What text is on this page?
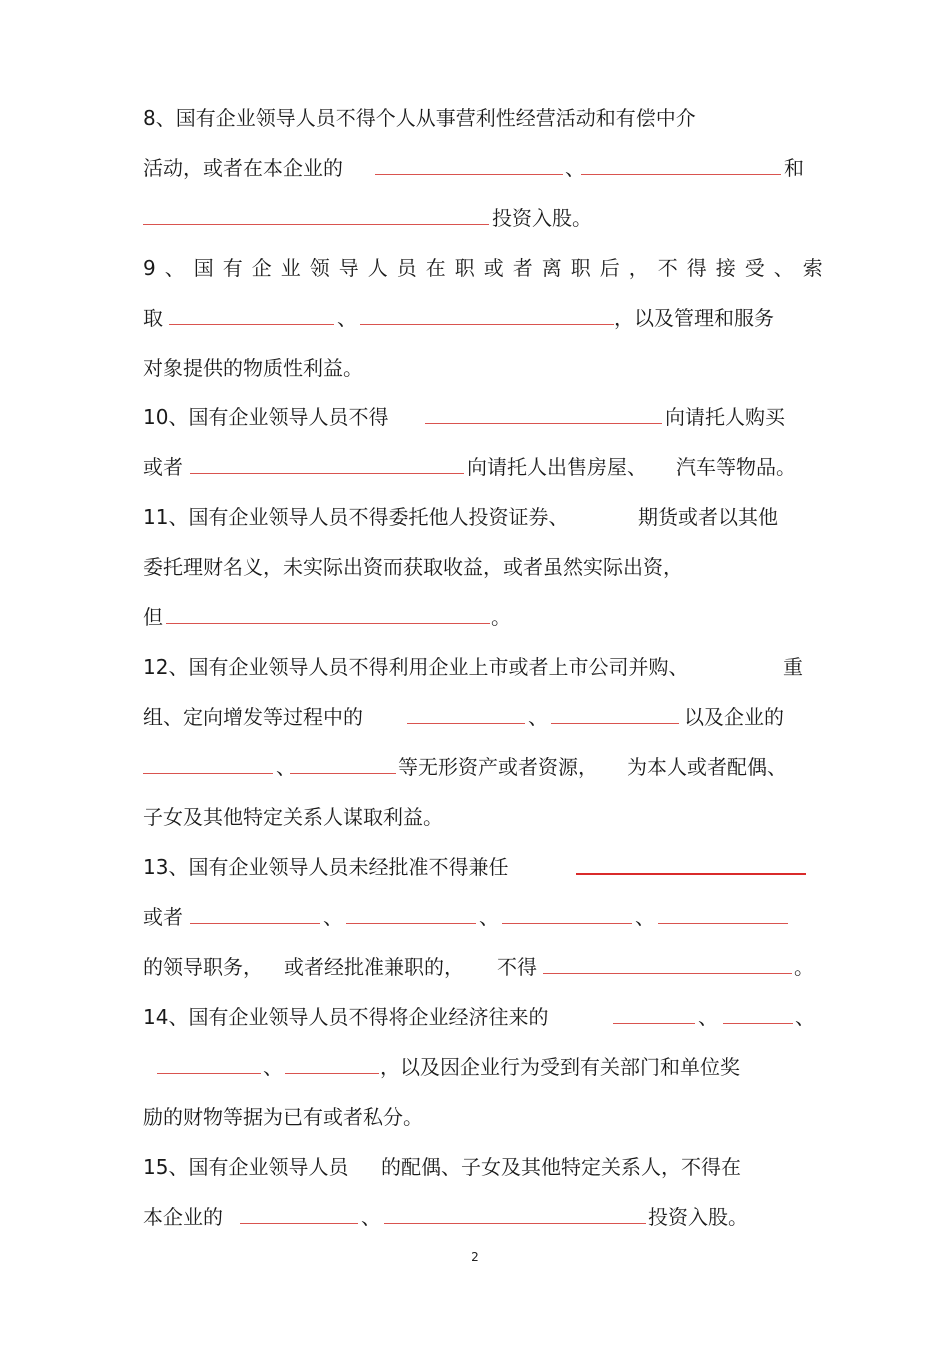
8、国有企业领导人员不得个人从事营利性经营活动和有偿中介
活动，或者在本企业的	、	和
投资入股。
9、国有企业领导人员在职或者离职后，不得接受、索
取	、	，以及管理和服务
对象提供的物质性利益。
10、国有企业领导人员不得	向请托人购买
或者	向请托人出售房屋、 汽车等物品。
11、国有企业领导人员不得委托他人投资证券、	期货或者以其他
委托理财名义，未实际出资而获取收益，或者虽然实际出资，
但	。
12、国有企业领导人员不得利用企业上市或者上市公司并购、	重
组、定向增发等过程中的	、	以及企业的
、	等无形资产或者资源， 为本人或者配偶、
子女及其他特定关系人谋取利益。
13、国有企业领导人员未经批准不得兼任
或者	、	、	、
的领导职务， 或者经批准兼职的， 不得	。
14、国有企业领导人员不得将企业经济往来的	、	、
、	，以及因企业行为受到有关部门和单位奖
励的财物等据为已有或者私分。
15、国有企业领导人员 的配偶、子女及其他特定关系人，不得在
本企业的	、	投资入股。
2
